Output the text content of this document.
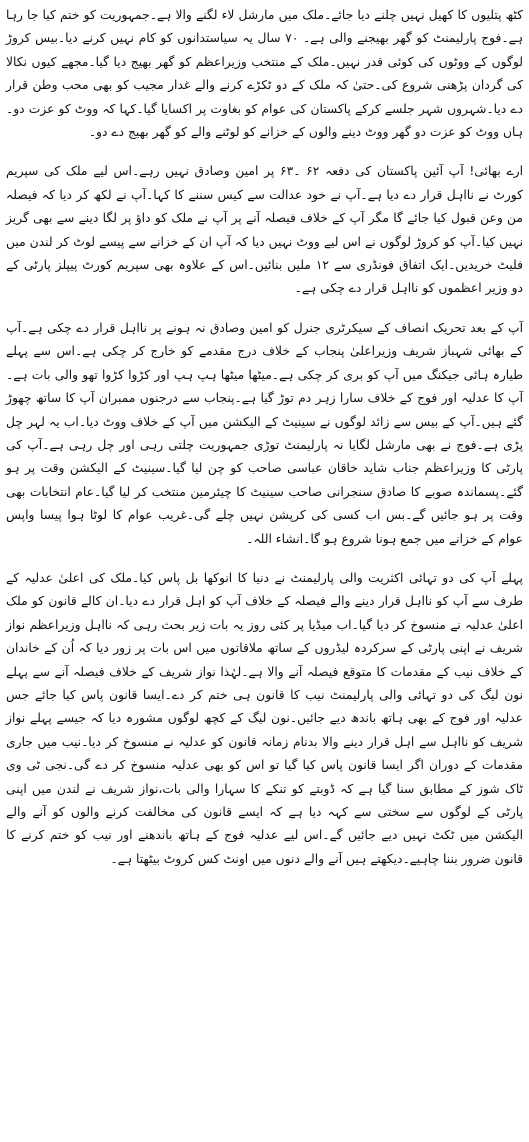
کٹھ پتلیوں کا کھیل نہیں چلنے دیا جائے۔ملک میں مارشل لاء لگنے والا ہے۔جمہوریت کو ختم کیا جا رہا ہے۔فوج پارلیمنٹ کو گھر بھیجنے والی ہے۔ ۷۰ سال یہ سیاستدانوں کو کام نہیں کرنے دیا۔بیس کروڑ لوگوں کے ووٹوں کی کوئی قدر نہیں۔ملک کے منتخب وزیراعظم کو گھر بھیج دیا گیا۔مجھے کیوں نکالا کی گردان پڑھنی شروع کی۔حتیٰ کہ ملک کے دو ٹکڑے کرنے والے غدار مجیب کو بھی محب وطن قرار دے دیا۔شہروں شہر جلسے کرکے پاکستان کی عوام کو بغاوت پر اکسایا گیا۔کہا کہ ووٹ کو عزت دو۔ہاں ووٹ کو عزت دو گھر ووٹ دینے والوں کے خزانے کو لوٹنے والے کو گھر بھیج دے دو۔

ارے بھائی! آپ آئین پاکستان کی دفعہ ۶۲ ۔۶۳ پر امین وصادق نہیں رہے۔اس لیے ملک کی سپریم کورٹ نے نااہل قرار دے دیا ہے۔آپ نے خود عدالت سے کیس سننے کا کہا۔آپ نے لکھ کر دیا کہ فیصلہ من وعن قبول کیا جائے گا مگر آپ کے خلاف فیصلہ آنے پر آپ نے ملک کو داؤ پر لگا دینے سے بھی گریز نہیں کیا۔آپ کو کروڑ لوگوں نے اس لیے ووٹ نہیں دیا کہ آپ ان کے خزانے سے پیسے لوٹ کر لندن میں فلیٹ خریدیں۔ایک اتفاق فونڈری سے ۱۲ ملیں بنائیں۔اس کے علاوہ بھی سپریم کورٹ پیپلز پارٹی کے دو وزیر اعظموں کو نااہل قرار دے چکی ہے۔

آپ کے بعد تحریک انصاف کے سیکرٹری جنرل کو امین وصادق نہ ہونے پر نااہل قرار دے چکی ہے۔آپ کے بھائی شہباز شریف وزیراعلیٰ پنجاب کے خلاف درج مقدمے کو خارج کر چکی ہے۔اس سے پہلے طیارہ ہائی جیکنگ میں آپ کو بری کر چکی ہے۔میٹھا میٹھا ہپ ہپ اور کڑوا کڑوا تھو والی بات ہے۔آپ کا عدلیہ اور فوج کے خلاف سارا زہر دم توڑ گیا ہے۔پنجاب سے درجنوں ممبران آپ کا ساتھ چھوڑ گئے ہیں۔آپ کے بیس سے زائد لوگوں نے سینیٹ کے الیکشن میں آپ کے خلاف ووٹ دیا۔اب یہ لہر چل پڑی ہے۔فوج نے بھی مارشل لگایا نہ پارلیمنٹ توڑی جمہوریت چلتی رہی اور چل رہی ہے۔آپ کی پارٹی کا وزیراعظم جناب شاید خاقان عباسی صاحب کو چن لیا گیا۔سینیٹ کے الیکشن وقت پر ہو گئے۔پسماندہ صوبے کا صادق سنجرانی صاحب سینیٹ کا چیئرمین منتخب کر لیا گیا۔عام انتخابات بھی وقت پر ہو جائیں گے۔بس اب کسی کی کرپشن نہیں چلے گی۔غریب عوام کا لوٹا ہوا پیسا واپس عوام کے خزانے میں جمع ہونا شروع ہو گا۔انشاء اللہ۔

پہلے آپ کی دو تہائی اکثریت والی پارلیمنٹ نے دنیا کا انوکھا بل پاس کیا۔ملک کی اعلیٰ عدلیہ کے طرف سے آپ کو نااہل قرار دینے والے فیصلہ کے خلاف آپ کو اہل قرار دے دیا۔ان کالے قانون کو ملک اعلیٰ عدلیہ نے منسوخ کر دیا گیا۔اب میڈیا پر کئی روز یہ بات زیر بحث رہی کہ نااہل وزیراعظم نواز شریف نے اپنی پارٹی کے سرکردہ لیڈروں کے ساتھ ملاقاتوں میں اس بات پر زور دیا کہ اُن کے خاندان کے خلاف نیب کے مقدمات کا متوقع فیصلہ آنے والا ہے۔لہٰذا نواز شریف کے خلاف فیصلہ آنے سے پہلے نون لیگ کی دو تہائی والی پارلیمنٹ نیب کا قانون ہی ختم کر دے۔ایسا قانون پاس کیا جائے جس عدلیہ اور فوج کے بھی ہاتھ باندھ دیے جائیں۔نون لیگ کے کچھ لوگوں مشورہ دیا کہ جیسے پہلے نواز شریف کو نااہل سے اہل قرار دینے والا بدنام زمانہ قانون کو عدلیہ نے منسوخ کر دیا۔نیب میں جاری مقدمات کے دوران اگر ایسا قانون پاس کیا گیا تو اس کو بھی عدلیہ منسوخ کر دے گی۔نجی ٹی وی ٹاک شوز کے مطابق سنا گیا ہے کہ ڈوبتے کو تنکے کا سہارا والی بات،نواز شریف نے لندن میں اپنی پارٹی کے لوگوں سے سختی سے کہہ دیا ہے کہ ایسے قانون کی مخالفت کرنے والوں کو آنے والے الیکشن میں ٹکٹ نہیں دیے جائیں گے۔اس لیے عدلیہ فوج کے ہاتھ باندھنے اور نیب کو ختم کرنے کا قانون ضرور بننا چاہیے۔دیکھتے ہیں آنے والے دنوں میں اونٹ کس کروٹ بیٹھتا ہے۔
